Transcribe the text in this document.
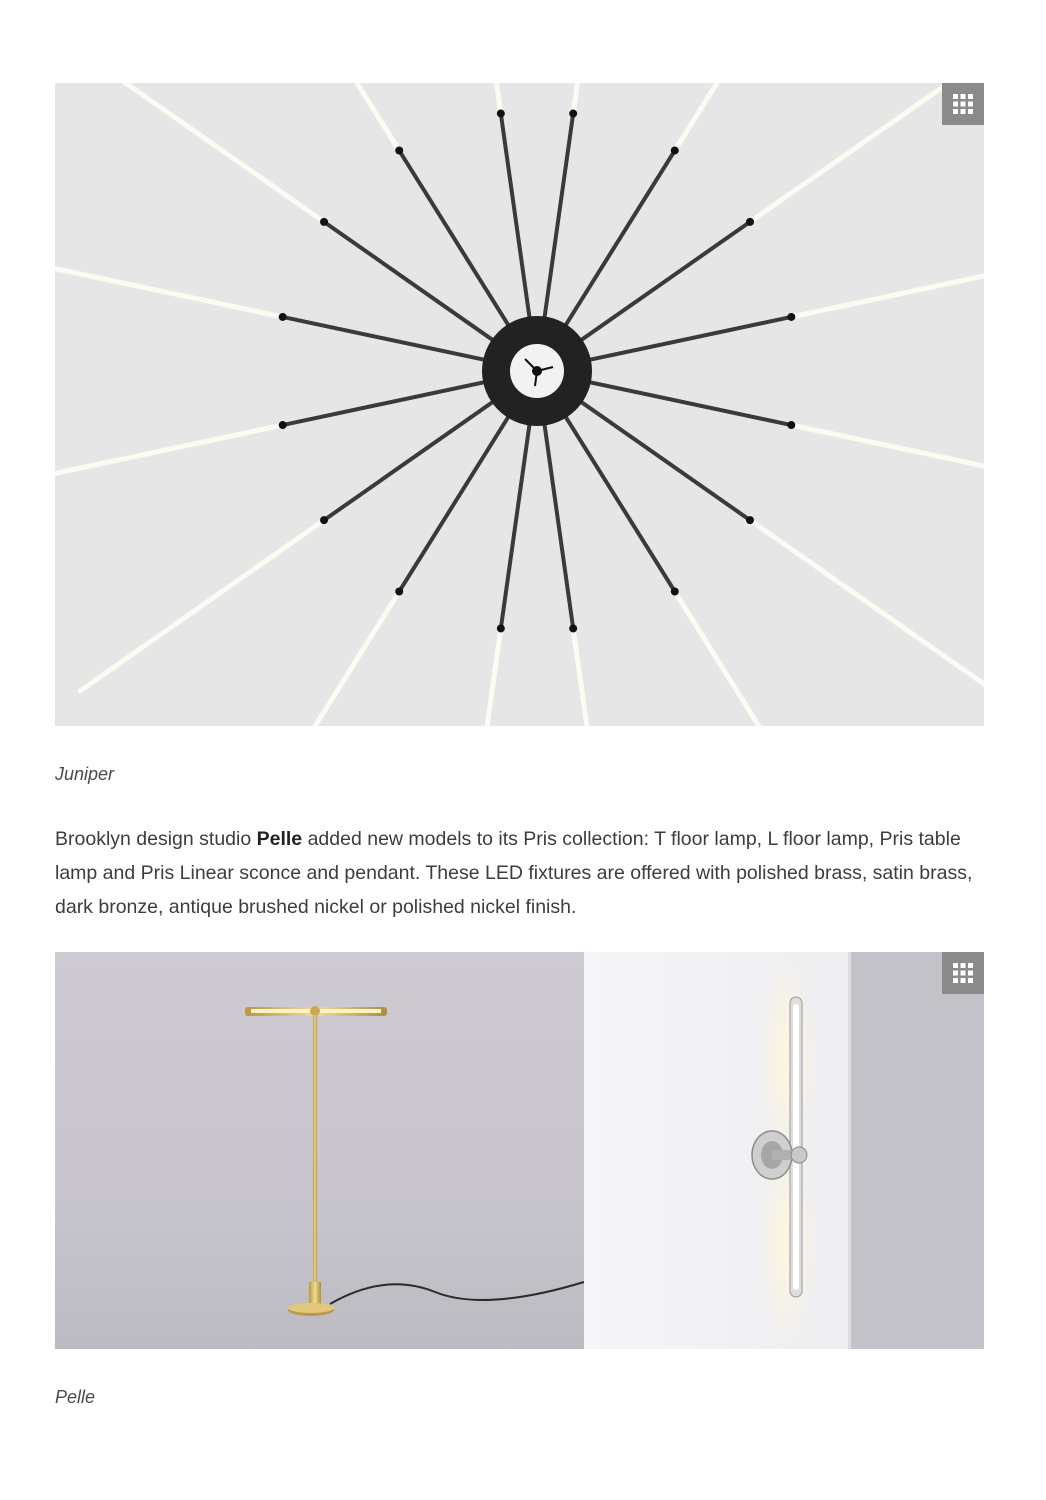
Juniper

Brooklyn design studio Pelle added new models to its Pris collection: T floor lamp, L floor lamp, Pris table lamp and Pris Linear sconce and pendant. These LED fixtures are offered with polished brass, satin brass, dark bronze, antique brushed nickel or polished nickel finish.

Pelle
